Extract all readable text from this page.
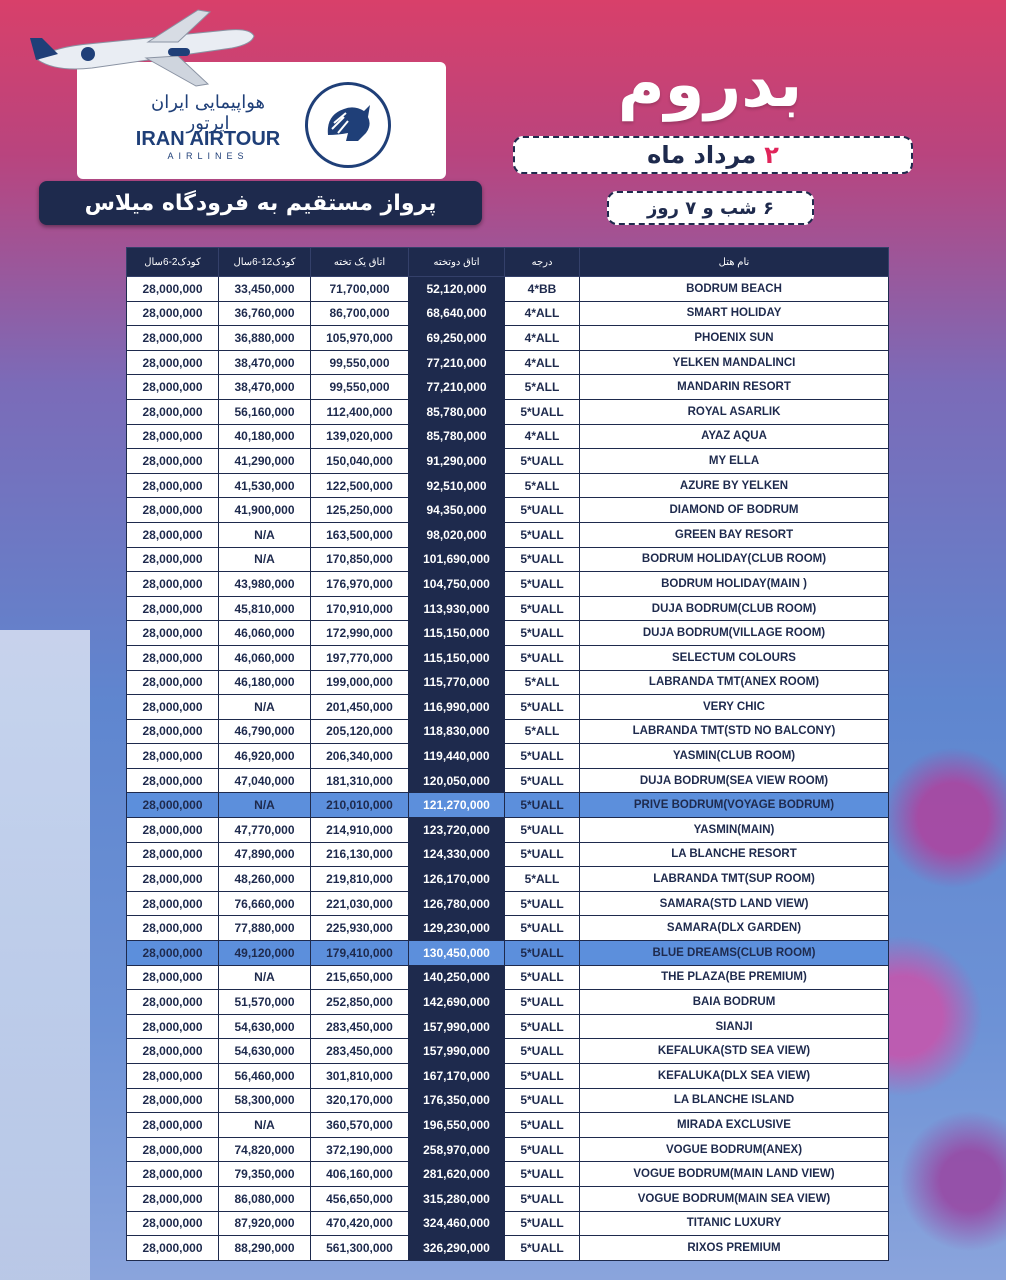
هواپیمایی ایران ایرتور
IRAN AIRTOUR
AIRLINES
پرواز مستقیم به فرودگاه میلاس
بدروم
۲
مرداد ماه
۶ شب و ۷ روز
کودک2-6سال	کودک12-6سال	اتاق یک تخته	اتاق دوتخته	درجه	نام هتل
28,000,000	33,450,000	71,700,000	52,120,000	4*BB	BODRUM BEACH
28,000,000	36,760,000	86,700,000	68,640,000	4*ALL	SMART HOLIDAY
28,000,000	36,880,000	105,970,000	69,250,000	4*ALL	PHOENIX SUN
28,000,000	38,470,000	99,550,000	77,210,000	4*ALL	YELKEN MANDALINCI
28,000,000	38,470,000	99,550,000	77,210,000	5*ALL	MANDARIN RESORT
28,000,000	56,160,000	112,400,000	85,780,000	5*UALL	ROYAL ASARLIK
28,000,000	40,180,000	139,020,000	85,780,000	4*ALL	AYAZ AQUA
28,000,000	41,290,000	150,040,000	91,290,000	5*UALL	MY ELLA
28,000,000	41,530,000	122,500,000	92,510,000	5*ALL	AZURE BY YELKEN
28,000,000	41,900,000	125,250,000	94,350,000	5*UALL	DIAMOND OF BODRUM
28,000,000	N/A	163,500,000	98,020,000	5*UALL	GREEN BAY RESORT
28,000,000	N/A	170,850,000	101,690,000	5*UALL	BODRUM HOLIDAY(CLUB ROOM)
28,000,000	43,980,000	176,970,000	104,750,000	5*UALL	BODRUM HOLIDAY(MAIN )
28,000,000	45,810,000	170,910,000	113,930,000	5*UALL	DUJA BODRUM(CLUB ROOM)
28,000,000	46,060,000	172,990,000	115,150,000	5*UALL	DUJA BODRUM(VILLAGE ROOM)
28,000,000	46,060,000	197,770,000	115,150,000	5*UALL	SELECTUM COLOURS
28,000,000	46,180,000	199,000,000	115,770,000	5*ALL	LABRANDA TMT(ANEX ROOM)
28,000,000	N/A	201,450,000	116,990,000	5*UALL	VERY CHIC
28,000,000	46,790,000	205,120,000	118,830,000	5*ALL	LABRANDA TMT(STD NO BALCONY)
28,000,000	46,920,000	206,340,000	119,440,000	5*UALL	YASMIN(CLUB ROOM)
28,000,000	47,040,000	181,310,000	120,050,000	5*UALL	DUJA BODRUM(SEA VIEW ROOM)
28,000,000	N/A	210,010,000	121,270,000	5*UALL	PRIVE BODRUM(VOYAGE BODRUM)
28,000,000	47,770,000	214,910,000	123,720,000	5*UALL	YASMIN(MAIN)
28,000,000	47,890,000	216,130,000	124,330,000	5*UALL	LA BLANCHE RESORT
28,000,000	48,260,000	219,810,000	126,170,000	5*ALL	LABRANDA TMT(SUP ROOM)
28,000,000	76,660,000	221,030,000	126,780,000	5*UALL	SAMARA(STD LAND VIEW)
28,000,000	77,880,000	225,930,000	129,230,000	5*UALL	SAMARA(DLX GARDEN)
28,000,000	49,120,000	179,410,000	130,450,000	5*UALL	BLUE DREAMS(CLUB ROOM)
28,000,000	N/A	215,650,000	140,250,000	5*UALL	THE PLAZA(BE PREMIUM)
28,000,000	51,570,000	252,850,000	142,690,000	5*UALL	BAIA BODRUM
28,000,000	54,630,000	283,450,000	157,990,000	5*UALL	SIANJI
28,000,000	54,630,000	283,450,000	157,990,000	5*UALL	KEFALUKA(STD SEA VIEW)
28,000,000	56,460,000	301,810,000	167,170,000	5*UALL	KEFALUKA(DLX SEA VIEW)
28,000,000	58,300,000	320,170,000	176,350,000	5*UALL	LA BLANCHE ISLAND
28,000,000	N/A	360,570,000	196,550,000	5*UALL	MIRADA EXCLUSIVE
28,000,000	74,820,000	372,190,000	258,970,000	5*UALL	VOGUE BODRUM(ANEX)
28,000,000	79,350,000	406,160,000	281,620,000	5*UALL	VOGUE BODRUM(MAIN LAND VIEW)
28,000,000	86,080,000	456,650,000	315,280,000	5*UALL	VOGUE BODRUM(MAIN SEA VIEW)
28,000,000	87,920,000	470,420,000	324,460,000	5*UALL	TITANIC LUXURY
28,000,000	88,290,000	561,300,000	326,290,000	5*UALL	RIXOS PREMIUM
